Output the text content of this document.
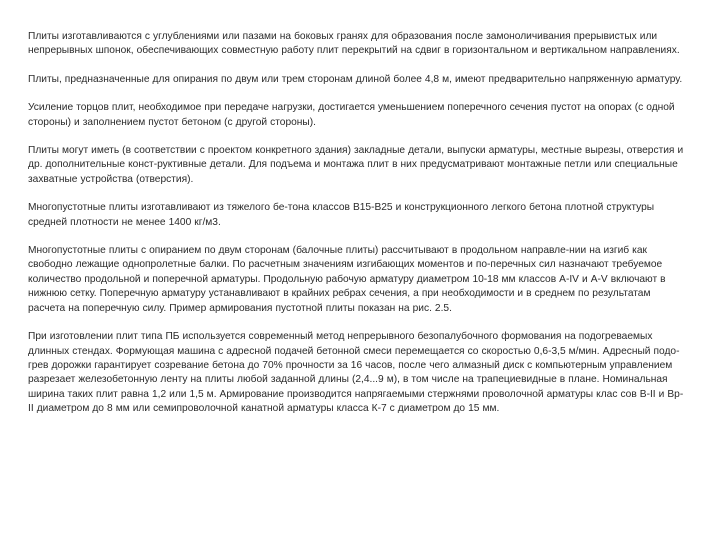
Плиты изготавливаются с углублениями или пазами на боковых гранях для образования после замоноличивания прерывистых или непрерывных шпонок, обеспечивающих совместную работу плит перекрытий на сдвиг в горизонтальном и вертикальном направлениях.

Плиты, предназначенные для опирания по двум или трем сторонам длиной более 4,8 м, имеют предварительно напряженную арматуру.

Усиление торцов плит, необходимое при передаче нагрузки, достигается уменьшением поперечного сечения пустот на опорах (с одной стороны) и заполнением пустот бетоном (с другой стороны).

Плиты могут иметь (в соответствии с проектом конкретного здания) закладные детали, выпуски арматуры, местные вырезы, отверстия и др. дополнительные конст-руктивные детали. Для подъема и монтажа плит в них предусматривают монтажные петли или специальные захватные устройства (отверстия).

Многопустотные плиты изготавливают из тяжелого бе-тона классов В15-В25 и конструкционного легкого бетона плотной структуры средней плотности не менее 1400 кг/м3.

Многопустотные плиты с опиранием по двум сторонам (балочные плиты) рассчитывают в продольном направле-нии на изгиб как свободно лежащие однопролетные балки. По расчетным значениям изгибающих моментов и по-перечных сил назначают требуемое количество продольной и поперечной арматуры. Продольную рабочую арматуру диаметром 10-18 мм классов A-IV и A-V включают в нижнюю сетку. Поперечную арматуру устанавливают в крайних ребрах сечения, а при необходимости и в среднем по результатам расчета на поперечную силу. Пример армирования пустотной плиты показан на рис. 2.5.

При изготовлении плит типа ПБ используется современный метод непрерывного безопалубочного формования на подогреваемых длинных стендах. Формующая машина с адресной подачей бетонной смеси перемещается со скоростью 0,6-3,5 м/мин. Адресный подо-грев дорожки гарантирует созревание бетона до 70% прочности за 16 часов, после чего алмазный диск с компьютерным управлением разрезает железобетонную ленту на плиты любой заданной длины (2,4...9 м), в том числе на трапециевидные в плане. Номинальная ширина таких плит равна 1,2 или 1,5 м. Армирование производится напрягаемыми стержнями проволочной арматуры клас сов В-II и Вр-II диаметром до 8 мм или семипроволочной канатной арматуры класса К-7 с диаметром до 15 мм.
